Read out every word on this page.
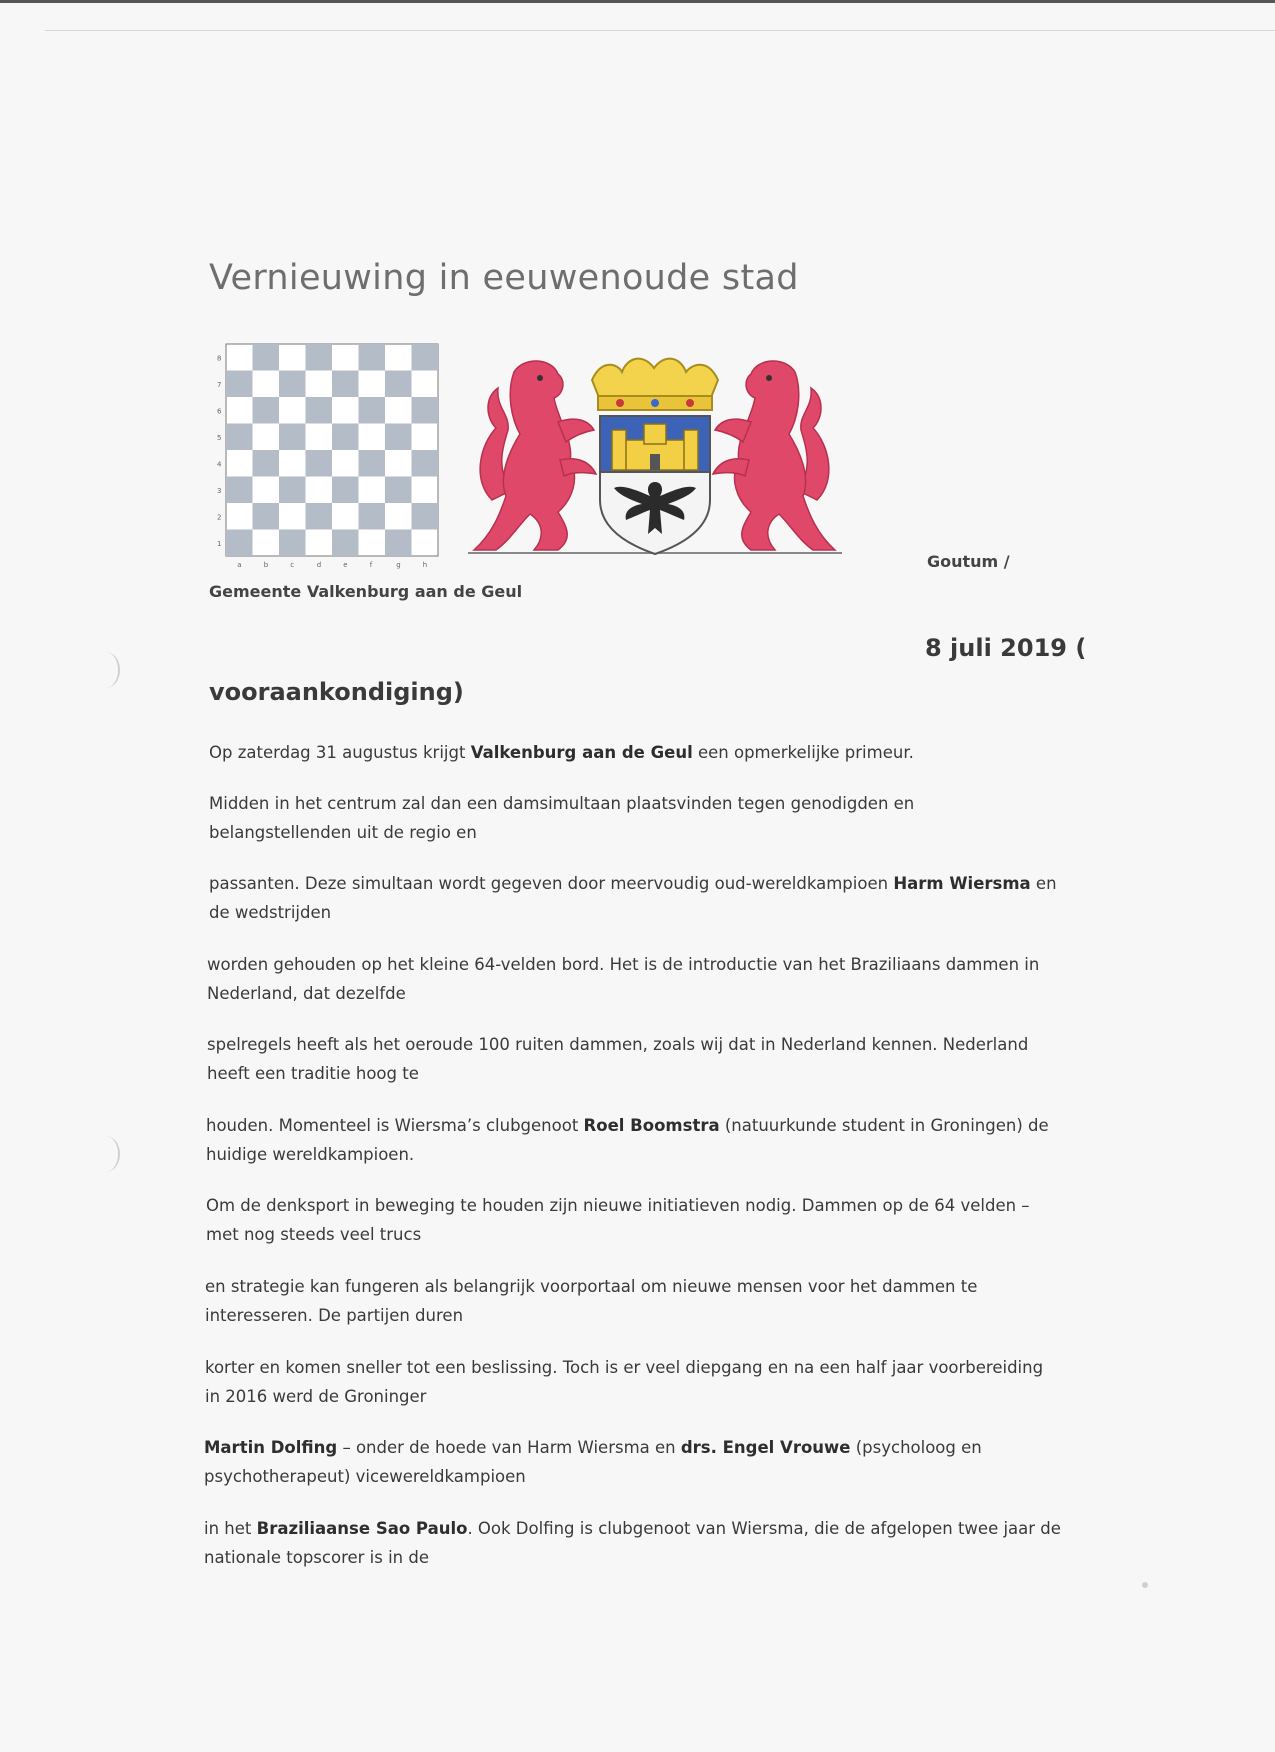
Vernieuwing in eeuwenoude stad
8
7
6
5
4
3
2
1
a	b	c	d	e	f	g	h
Gemeente Valkenburg aan de Geul
Goutum /
8 juli 2019 (
vooraankondiging)
Op zaterdag 31 augustus krijgt Valkenburg aan de Geul een opmerkelijke primeur.
Midden in het centrum zal dan een damsimultaan plaatsvinden tegen genodigden en
belangstellenden uit de regio en
passanten. Deze simultaan wordt gegeven door meervoudig oud-wereldkampioen Harm Wiersma en
de wedstrijden
worden gehouden op het kleine 64-velden bord. Het is de introductie van het Braziliaans dammen in
Nederland, dat dezelfde
spelregels heeft als het oeroude 100 ruiten dammen, zoals wij dat in Nederland kennen. Nederland
heeft een traditie hoog te
houden. Momenteel is Wiersma’s clubgenoot Roel Boomstra (natuurkunde student in Groningen) de
huidige wereldkampioen.
Om de denksport in beweging te houden zijn nieuwe initiatieven nodig. Dammen op de 64 velden –
met nog steeds veel trucs
en strategie kan fungeren als belangrijk voorportaal om nieuwe mensen voor het dammen te
interesseren. De partijen duren
korter en komen sneller tot een beslissing. Toch is er veel diepgang en na een half jaar voorbereiding
in 2016 werd de Groninger
Martin Dolfing – onder de hoede van Harm Wiersma en drs. Engel Vrouwe (psycholoog en
psychotherapeut) vicewereldkampioen
in het Braziliaanse Sao Paulo. Ook Dolfing is clubgenoot van Wiersma, die de afgelopen twee jaar de
nationale topscorer is in de
